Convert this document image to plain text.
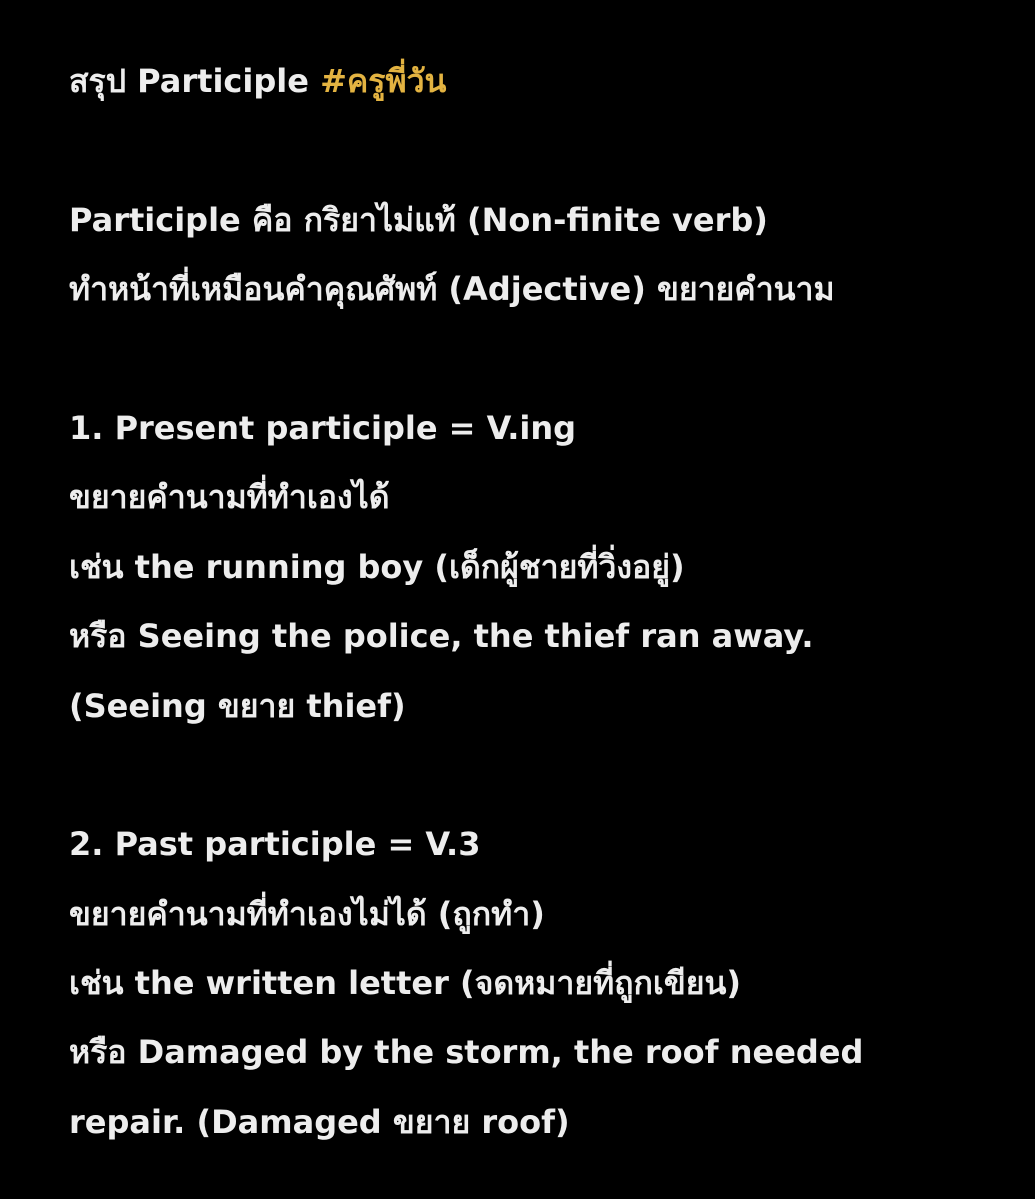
สรุป Participle #ครูพี่วัน
Participle คือ กริยาไม่แท้ (Non-finite verb)
ทำหน้าที่เหมือนคำคุณศัพท์ (Adjective) ขยายคำนาม
1. Present participle = V.ing
ขยายคำนามที่ทำเองได้
เช่น the running boy (เด็กผู้ชายที่วิ่งอยู่)
หรือ Seeing the police, the thief ran away.
(Seeing ขยาย thief)
2. Past participle = V.3
ขยายคำนามที่ทำเองไม่ได้ (ถูกทำ)
เช่น the written letter (จดหมายที่ถูกเขียน)
หรือ Damaged by the storm, the roof needed
repair. (Damaged ขยาย roof)
